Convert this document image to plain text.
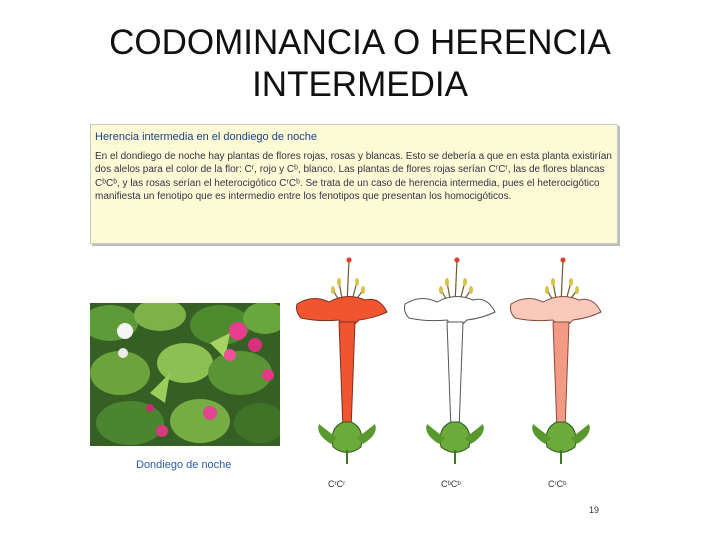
CODOMINANCIA O HERENCIA
INTERMEDIA
Herencia intermedia en el dondiego de noche

En el dondiego de noche hay plantas de flores rojas, rosas y blancas. Esto se debería a que en esta planta existirían dos alelos para el color de la flor: Cʳ, rojo y Cᵇ, blanco. Las plantas de flores rojas serían CʳCʳ, las de flores blancas CᵇCᵇ, y las rosas serían el heterocigótico CʳCᵇ. Se trata de un caso de herencia intermedia, pues el heterocigótico manifiesta un fenotipo que es intermedio entre los fenotipos que presentan los homocigóticos.

Dondiego de noche
CʳCʳ	CᵇCᵇ	CʳCᵇ
19
